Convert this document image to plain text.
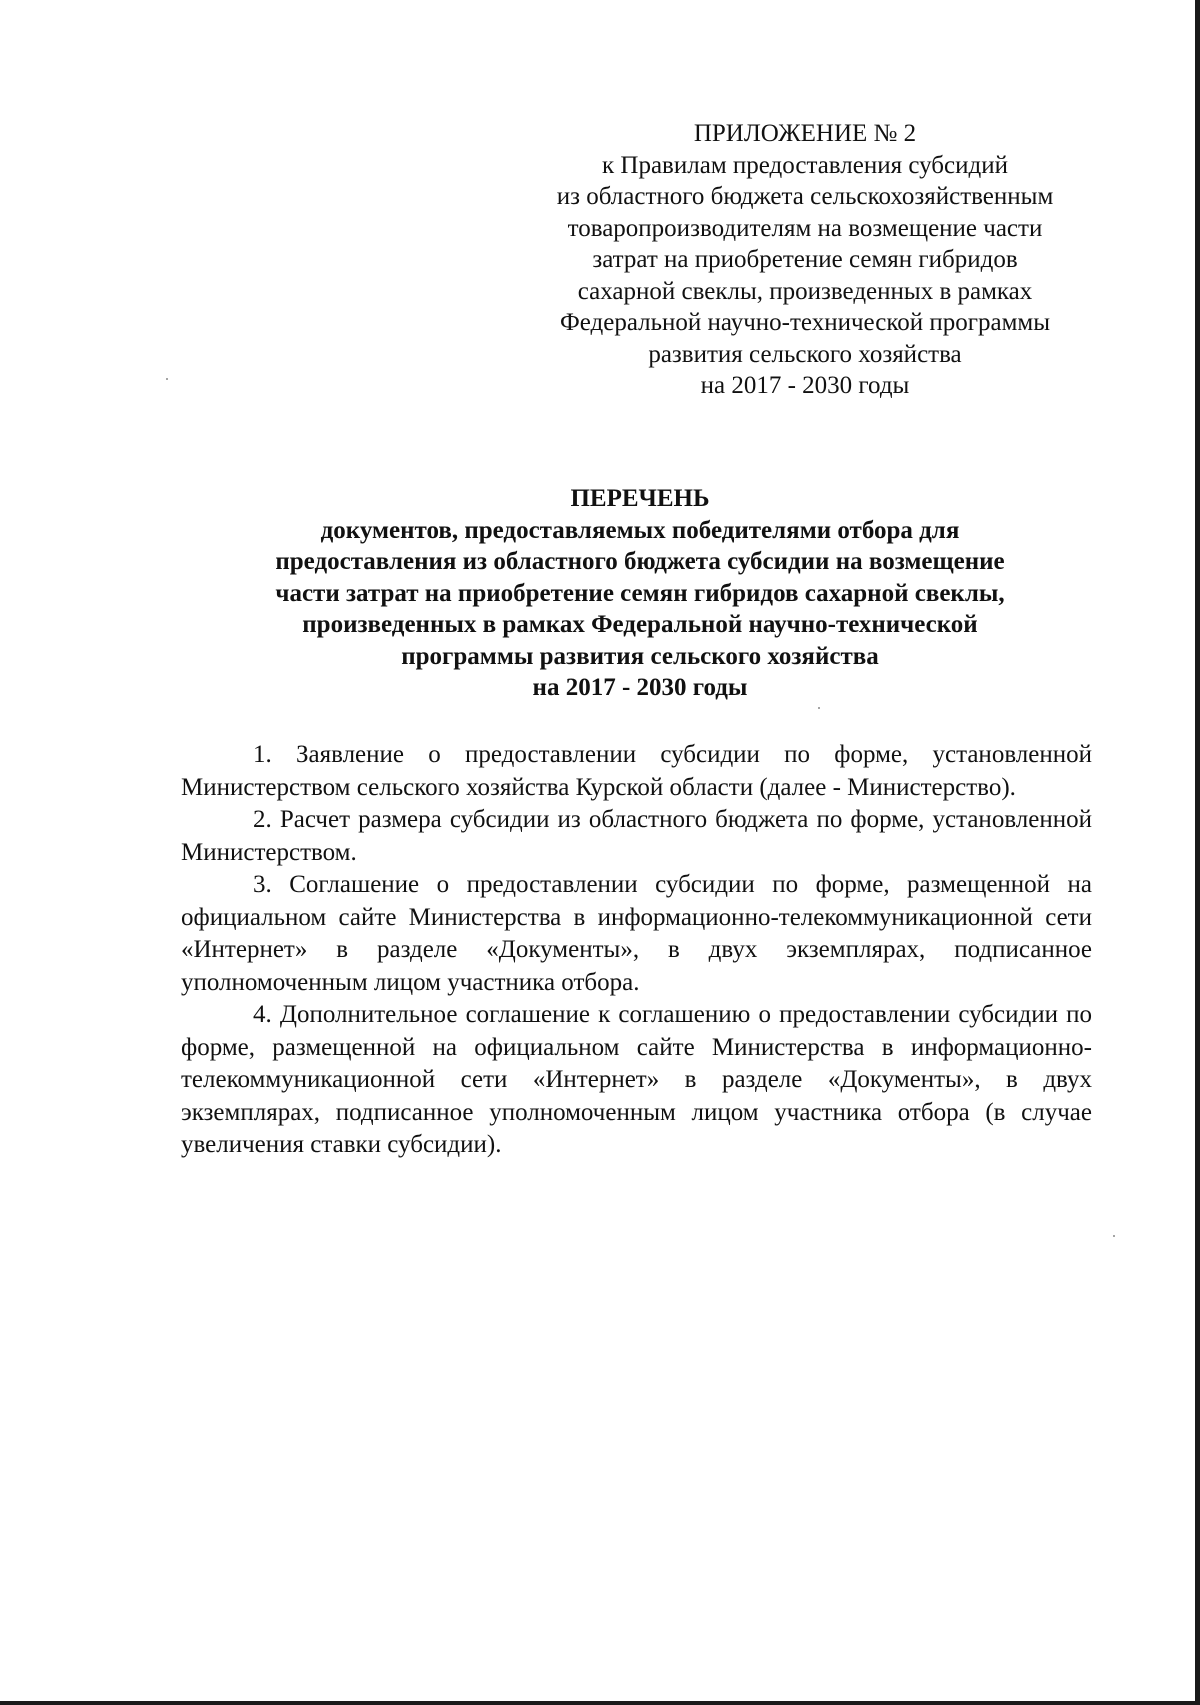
ПРИЛОЖЕНИЕ № 2
к Правилам предоставления субсидий
из областного бюджета сельскохозяйственным
товаропроизводителям на возмещение части
затрат на приобретение семян гибридов
сахарной свеклы, произведенных в рамках
Федеральной научно-технической программы
развития сельского хозяйства
на 2017 - 2030 годы
ПЕРЕЧЕНЬ
документов, предоставляемых победителями отбора для
предоставления из областного бюджета субсидии на возмещение
части затрат на приобретение семян гибридов сахарной свеклы,
произведенных в рамках Федеральной научно-технической
программы развития сельского хозяйства
на 2017 - 2030 годы

1. Заявление о предоставлении субсидии по форме, установленной Министерством сельского хозяйства Курской области (далее - Министерство).

2. Расчет размера субсидии из областного бюджета по форме, установленной Министерством.

3. Соглашение о предоставлении субсидии по форме, размещенной на официальном сайте Министерства в информационно-телекоммуникационной сети «Интернет» в разделе «Документы», в двух экземплярах, подписанное уполномоченным лицом участника отбора.

4. Дополнительное соглашение к соглашению о предоставлении субсидии по форме, размещенной на официальном сайте Министерства в информационно-телекоммуникационной сети «Интернет» в разделе «Документы», в двух экземплярах, подписанное уполномоченным лицом участника отбора (в случае увеличения ставки субсидии).
